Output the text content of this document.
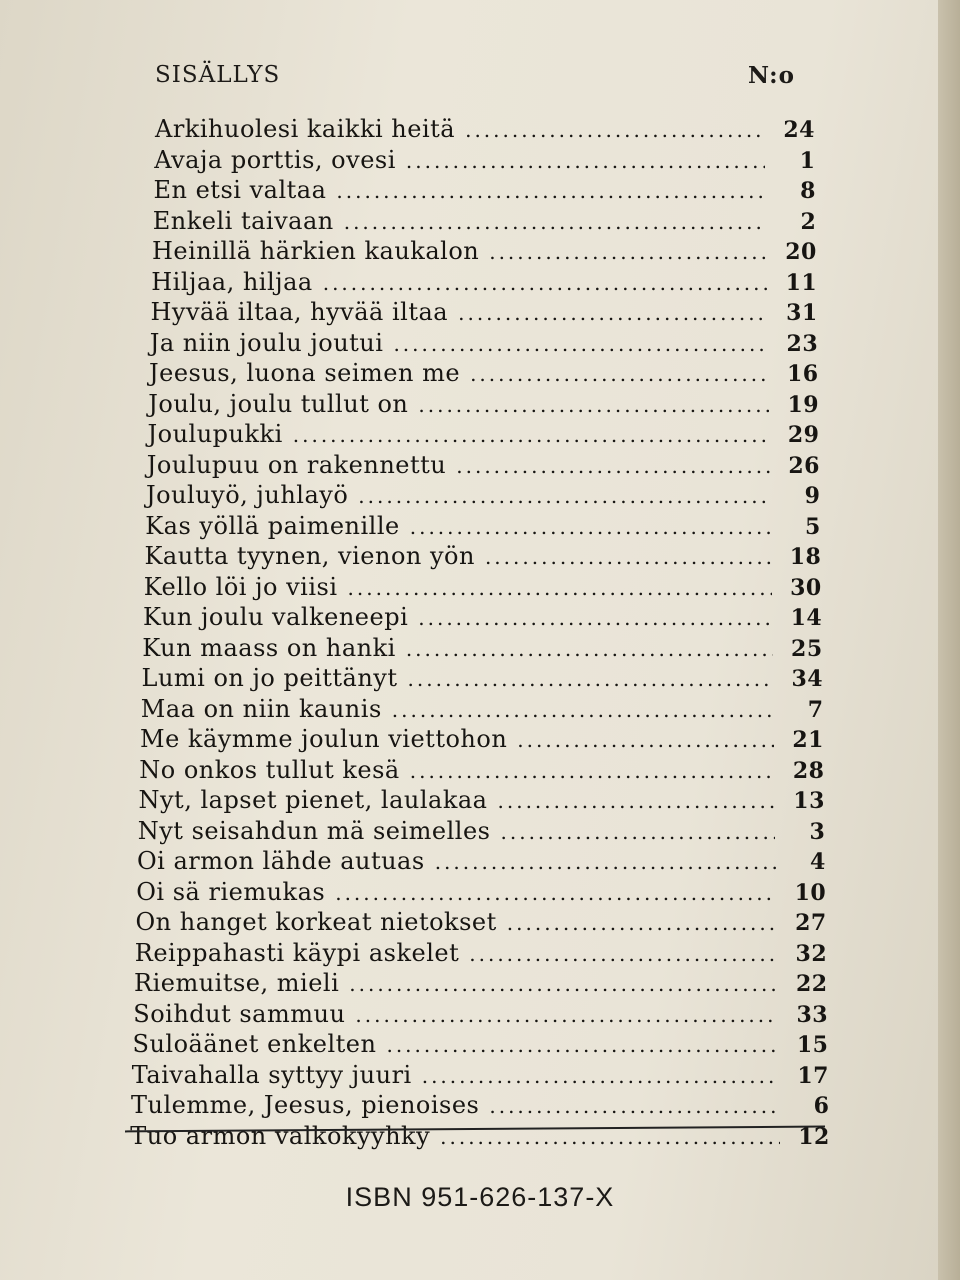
SISÄLLYS	N:o
Arkihuolesi kaikki heitä .....	24
Avaja porttis, ovesi .....	1
En etsi valtaa .....	8
Enkeli taivaan .....	2
Heinillä härkien kaukalon .....	20
Hiljaa, hiljaa .....	11
Hyvää iltaa, hyvää iltaa .....	31
Ja niin joulu joutui .....	23
Jeesus, luona seimen me .....	16
Joulu, joulu tullut on .....	19
Joulupukki .....	29
Joulupuu on rakennettu .....	26
Jouluyö, juhlayö .....	9
Kas yöllä paimenille .....	5
Kautta tyynen, vienon yön .....	18
Kello löi jo viisi .....	30
Kun joulu valkeneepi .....	14
Kun maass on hanki .....	25
Lumi on jo peittänyt .....	34
Maa on niin kaunis .....	7
Me käymme joulun viettohon .....	21
No onkos tullut kesä .....	28
Nyt, lapset pienet, laulakaa .....	13
Nyt seisahdun mä seimelles .....	3
Oi armon lähde autuas .....	4
Oi sä riemukas .....	10
On hanget korkeat nietokset .....	27
Reippahasti käypi askelet .....	32
Riemuitse, mieli .....	22
Soihdut sammuu .....	33
Suloäänet enkelten .....	15
Taivahalla syttyy juuri .....	17
Tulemme, Jeesus, pienoises .....	6
Tuo armon valkokyyhky .....	12
ISBN 951-626-137-X
